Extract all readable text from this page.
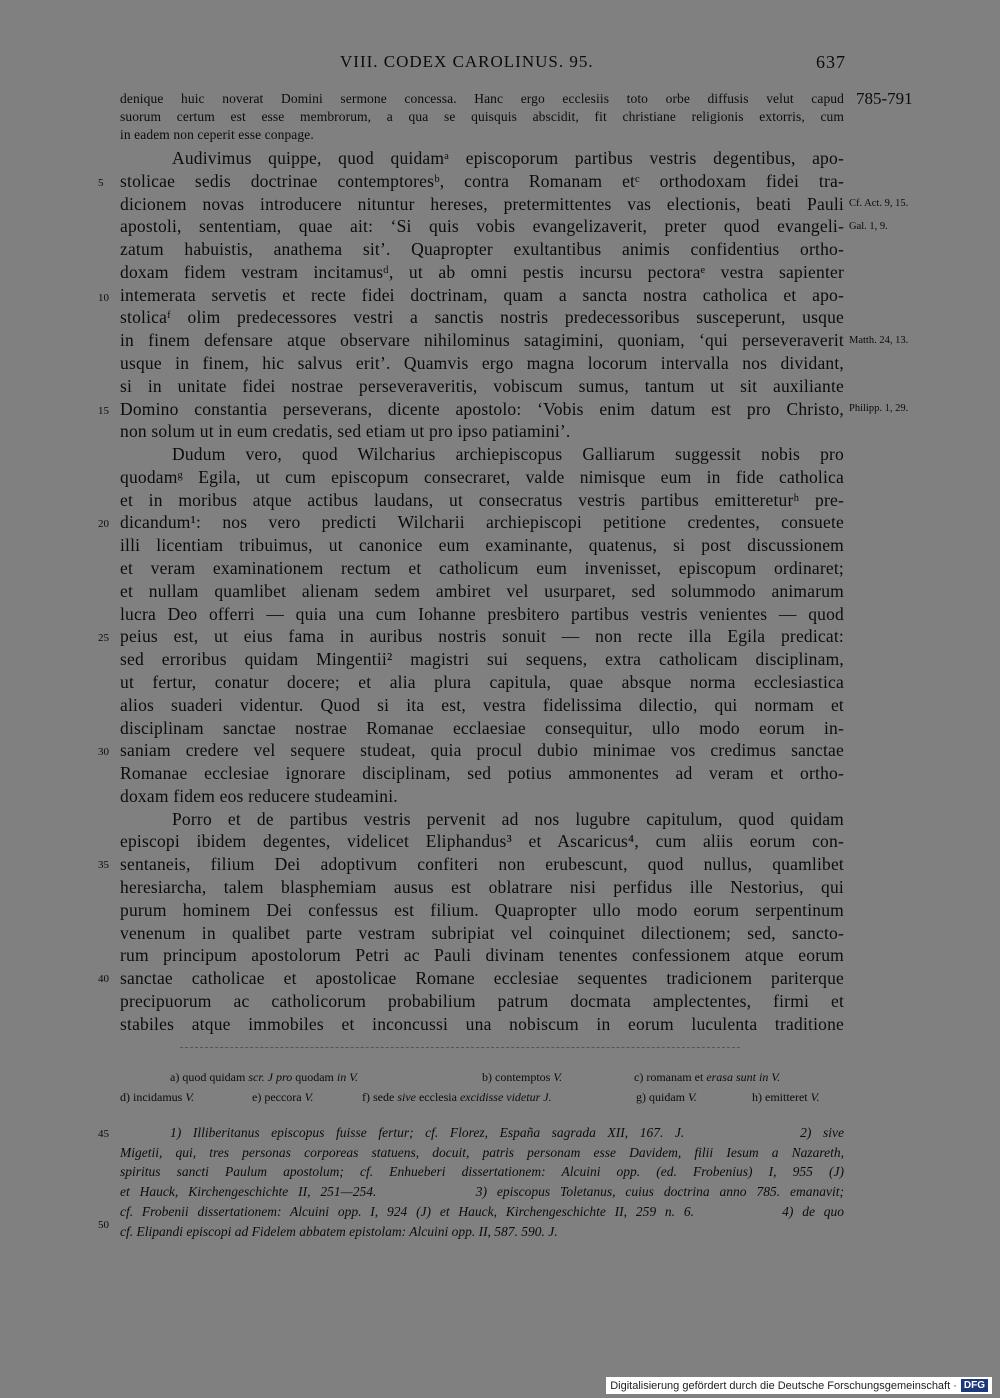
VIII. CODEX CAROLINUS. 95.	637
785-791
denique huic noverat Domini sermone concessa. Hanc ergo ecclesiis toto orbe diffusis velut capud
suorum certum est esse membrorum, a qua se quisquis abscidit, fit christiane religionis extorris, cum
in eadem non ceperit esse conpage.
Audivimus quippe, quod quidamᵃ episcoporum partibus vestris degentibus, apo-
stolicae sedis doctrinae contemptoresᵇ, contra Romanam etᶜ orthodoxam fidei tra-
dicionem novas introducere nituntur hereses, pretermittentes vas electionis, beati Pauli
apostoli, sententiam, quae ait: ‘Si quis vobis evangelizaverit, preter quod evangeli-
zatum habuistis, anathema sit’. Quapropter exultantibus animis confidentius ortho-
doxam fidem vestram incitamusᵈ, ut ab omni pestis incursu pectoraᵉ vestra sapienter
intemerata servetis et recte fidei doctrinam, quam a sancta nostra catholica et apo-
stolicaᶠ olim predecessores vestri a sanctis nostris predecessoribus susceperunt, usque
in finem defensare atque observare nihilominus satagimini, quoniam, ‘qui perseveraverit
usque in finem, hic salvus erit’. Quamvis ergo magna locorum intervalla nos dividant,
si in unitate fidei nostrae perseveraveritis, vobiscum sumus, tantum ut sit auxiliante
Domino constantia perseverans, dicente apostolo: ‘Vobis enim datum est pro Christo,
non solum ut in eum credatis, sed etiam ut pro ipso patiamini’.
Dudum vero, quod Wilcharius archiepiscopus Galliarum suggessit nobis pro
quodamᵍ Egila, ut cum episcopum consecraret, valde nimisque eum in fide catholica
et in moribus atque actibus laudans, ut consecratus vestris partibus emittereturʰ pre-
dicandum¹: nos vero predicti Wilcharii archiepiscopi petitione credentes, consuete
illi licentiam tribuimus, ut canonice eum examinante, quatenus, si post discussionem
et veram examinationem rectum et catholicum eum invenisset, episcopum ordinaret;
et nullam quamlibet alienam sedem ambiret vel usurparet, sed solummodo animarum
lucra Deo offerri — quia una cum Iohanne presbitero partibus vestris venientes — quod
peius est, ut eius fama in auribus nostris sonuit — non recte illa Egila predicat:
sed erroribus quidam Mingentii² magistri sui sequens, extra catholicam disciplinam,
ut fertur, conatur docere; et alia plura capitula, quae absque norma ecclesiastica
alios suaderi videntur. Quod si ita est, vestra fidelissima dilectio, qui normam et
disciplinam sanctae nostrae Romanae ecclaesiae consequitur, ullo modo eorum in-
saniam credere vel sequere studeat, quia procul dubio minimae vos credimus sanctae
Romanae ecclesiae ignorare disciplinam, sed potius ammonentes ad veram et ortho-
doxam fidem eos reducere studeamini.
Porro et de partibus vestris pervenit ad nos lugubre capitulum, quod quidam
episcopi ibidem degentes, videlicet Eliphandus³ et Ascaricus⁴, cum aliis eorum con-
sentaneis, filium Dei adoptivum confiteri non erubescunt, quod nullus, quamlibet
heresiarcha, talem blasphemiam ausus est oblatrare nisi perfidus ille Nestorius, qui
purum hominem Dei confessus est filium. Quapropter ullo modo eorum serpentinum
venenum in qualibet parte vestram subripiat vel coinquinet dilectionem; sed, sancto-
rum principum apostolorum Petri ac Pauli divinam tenentes confessionem atque eorum
sanctae catholicae et apostolicae Romane ecclesiae sequentes tradicionem pariterque
precipuorum ac catholicorum probabilium patrum docmata amplectentes, firmi et
stabiles atque immobiles et inconcussi una nobiscum in eorum luculenta traditione
5
10
15
20
25
30
35
40
45
50
Cf. Act. 9, 15.
Gal. 1, 9.
Matth. 24, 13.
Philipp. 1, 29.
a) quod quidam scr. J pro quodam in V.	b) contemptos V.	c) romanam et erasa sunt in V.
d) incidamus V.	e) peccora V.	f) sede sive ecclesia excidisse videtur J.	g) quidam V.	h) emitteret V.
1) Illiberitanus episcopus fuisse fertur; cf. Florez, España sagrada XII, 167. J.          2) sive
Migetii, qui, tres personas corporeas statuens, docuit, patris personam esse Davidem, filii Iesum a Nazareth,
spiritus sancti Paulum apostolum; cf. Enhueberi dissertationem: Alcuini opp. (ed. Frobenius) I, 955 (J)
et Hauck, Kirchengeschichte II, 251—254.          3) episcopus Toletanus, cuius doctrina anno 785. emanavit;
cf. Frobenii dissertationem: Alcuini opp. I, 924 (J) et Hauck, Kirchengeschichte II, 259 n. 6.          4) de quo
cf. Elipandi episcopi ad Fidelem abbatem epistolam: Alcuini opp. II, 587. 590. J.
Digitalisierung gefördert durch die Deutsche Forschungsgemeinschaft · DFG
